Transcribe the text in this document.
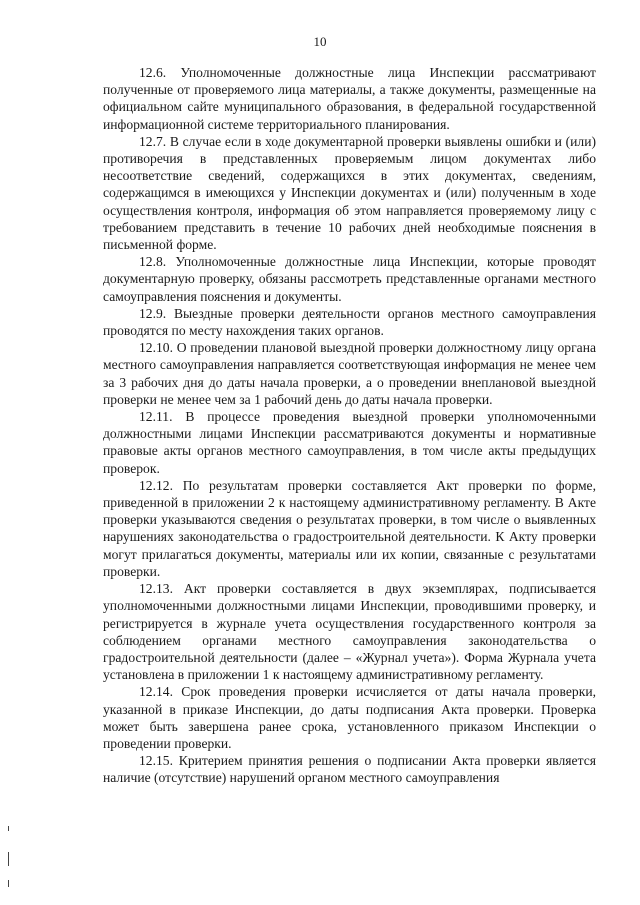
10

12.6. Уполномоченные должностные лица Инспекции рассматривают полученные от проверяемого лица материалы, а также документы, размещенные на официальном сайте муниципального образования, в федеральной государственной информационной системе территориального планирования.

12.7. В случае если в ходе документарной проверки выявлены ошибки и (или) противоречия в представленных проверяемым лицом документах либо несоответствие сведений, содержащихся в этих документах, сведениям, содержащимся в имеющихся у Инспекции документах и (или) полученным в ходе осуществления контроля, информация об этом направляется проверяемому лицу с требованием представить в течение 10 рабочих дней необходимые пояснения в письменной форме.

12.8. Уполномоченные должностные лица Инспекции, которые проводят документарную проверку, обязаны рассмотреть представленные органами местного самоуправления пояснения и документы.

12.9. Выездные проверки деятельности органов местного самоуправления проводятся по месту нахождения таких органов.

12.10. О проведении плановой выездной проверки должностному лицу органа местного самоуправления направляется соответствующая информация не менее чем за 3 рабочих дня до даты начала проверки, а о проведении внеплановой выездной проверки не менее чем за 1 рабочий день до даты начала проверки.

12.11. В процессе проведения выездной проверки уполномоченными должностными лицами Инспекции рассматриваются документы и нормативные правовые акты органов местного самоуправления, в том числе акты предыдущих проверок.

12.12. По результатам проверки составляется Акт проверки по форме, приведенной в приложении 2 к настоящему административному регламенту. В Акте проверки указываются сведения о результатах проверки, в том числе о выявленных нарушениях законодательства о градостроительной деятельности. К Акту проверки могут прилагаться документы, материалы или их копии, связанные с результатами проверки.

12.13. Акт проверки составляется в двух экземплярах, подписывается уполномоченными должностными лицами Инспекции, проводившими проверку, и регистрируется в журнале учета осуществления государственного контроля за соблюдением органами местного самоуправления законодательства о градостроительной деятельности (далее – «Журнал учета»). Форма Журнала учета установлена в приложении 1 к настоящему административному регламенту.

12.14. Срок проведения проверки исчисляется от даты начала проверки, указанной в приказе Инспекции, до даты подписания Акта проверки. Проверка может быть завершена ранее срока, установленного приказом Инспекции о проведении проверки.

12.15. Критерием принятия решения о подписании Акта проверки является наличие (отсутствие) нарушений органом местного самоуправления
